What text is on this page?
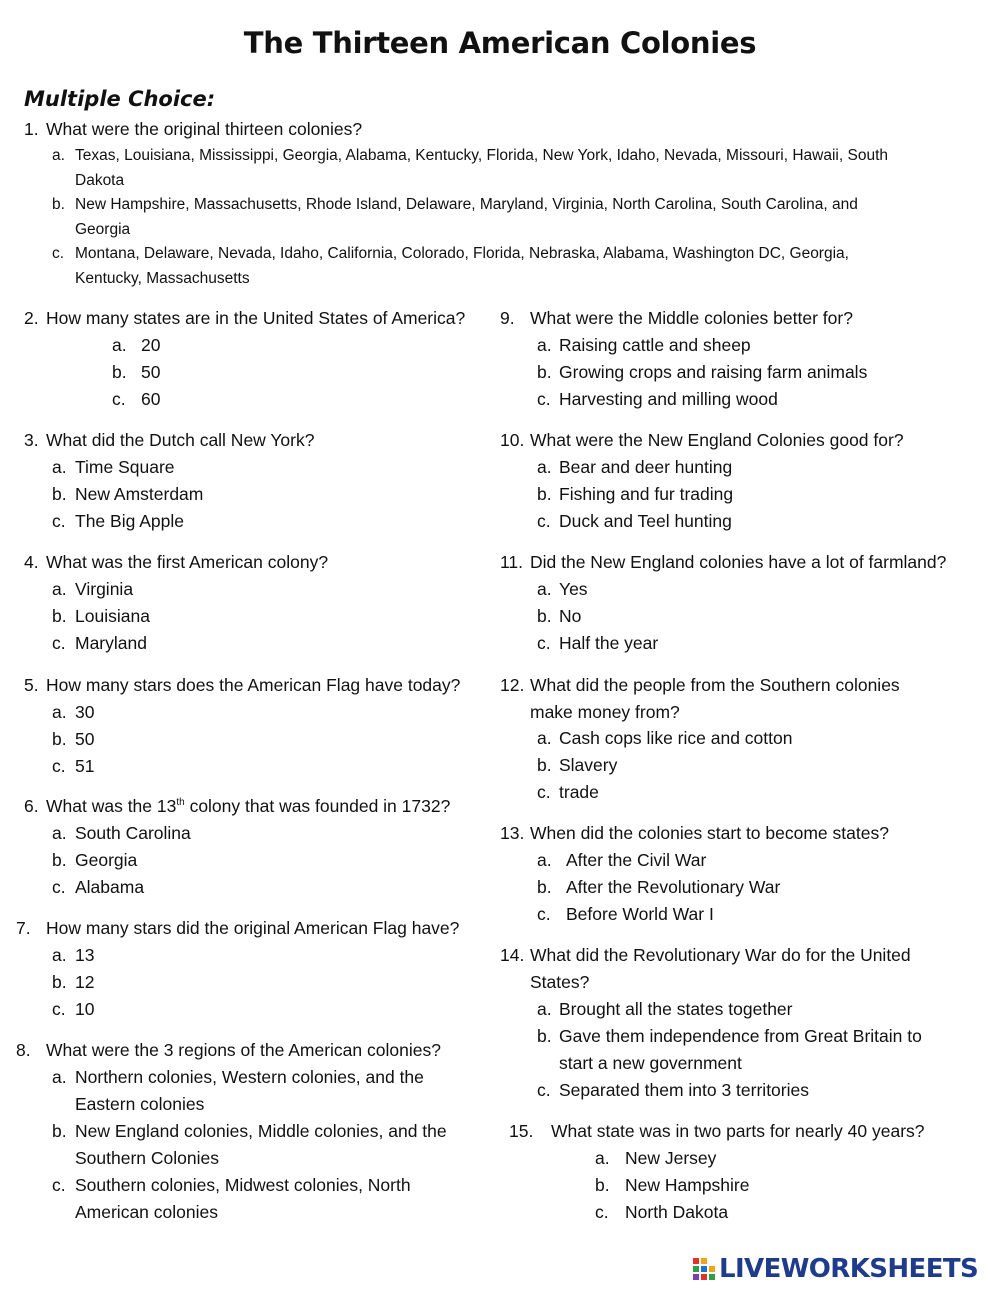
The Thirteen American Colonies
Multiple Choice:
1. What were the original thirteen colonies?
a. Texas, Louisiana, Mississippi, Georgia, Alabama, Kentucky, Florida, New York, Idaho, Nevada, Missouri, Hawaii, South
Dakota
b. New Hampshire, Massachusetts, Rhode Island, Delaware, Maryland, Virginia, North Carolina, South Carolina, and
Georgia
c. Montana, Delaware, Nevada, Idaho, California, Colorado, Florida, Nebraska, Alabama, Washington DC, Georgia,
Kentucky, Massachusetts
2. How many states are in the United States of America?
a. 20
b. 50
c. 60
3. What did the Dutch call New York?
a. Time Square
b. New Amsterdam
c. The Big Apple
4. What was the first American colony?
a. Virginia
b. Louisiana
c. Maryland
5. How many stars does the American Flag have today?
a. 30
b. 50
c. 51
6. What was the 13th colony that was founded in 1732?
a. South Carolina
b. Georgia
c. Alabama
7. How many stars did the original American Flag have?
a. 13
b. 12
c. 10
8. What were the 3 regions of the American colonies?
a. Northern colonies, Western colonies, and the
Eastern colonies
b. New England colonies, Middle colonies, and the
Southern Colonies
c. Southern colonies, Midwest colonies, North
American colonies
9. What were the Middle colonies better for?
a. Raising cattle and sheep
b. Growing crops and raising farm animals
c. Harvesting and milling wood
10. What were the New England Colonies good for?
a. Bear and deer hunting
b. Fishing and fur trading
c. Duck and Teel hunting
11. Did the New England colonies have a lot of farmland?
a. Yes
b. No
c. Half the year
12. What did the people from the Southern colonies
make money from?
a. Cash cops like rice and cotton
b. Slavery
c. trade
13. When did the colonies start to become states?
a. After the Civil War
b. After the Revolutionary War
c. Before World War I
14. What did the Revolutionary War do for the United
States?
a. Brought all the states together
b. Gave them independence from Great Britain to
start a new government
c. Separated them into 3 territories
15. What state was in two parts for nearly 40 years?
a. New Jersey
b. New Hampshire
c. North Dakota
LIVEWORKSHEETS
